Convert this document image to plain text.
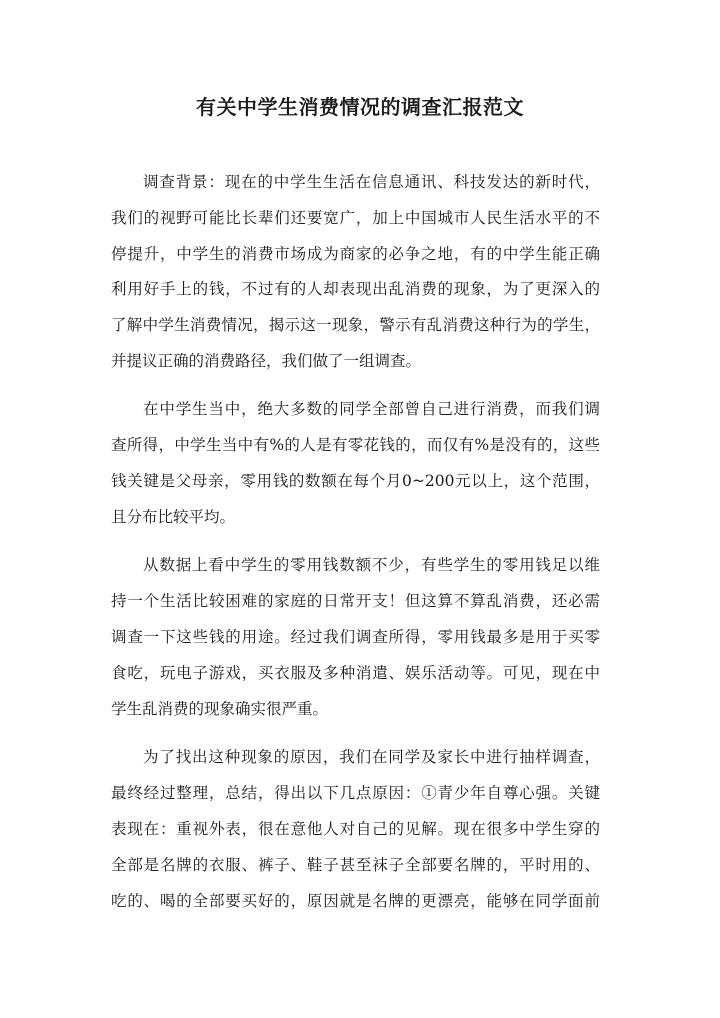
有关中学生消费情况的调查汇报范文
调查背景：现在的中学生生活在信息通讯、科技发达的新时代，
我们的视野可能比长辈们还要宽广，加上中国城市人民生活水平的不
停提升，中学生的消费市场成为商家的必争之地，有的中学生能正确
利用好手上的钱，不过有的人却表现出乱消费的现象，为了更深入的
了解中学生消费情况，揭示这一现象，警示有乱消费这种行为的学生，
并提议正确的消费路径，我们做了一组调查。
在中学生当中，绝大多数的同学全部曾自己进行消费，而我们调
查所得，中学生当中有%的人是有零花钱的，而仅有%是没有的，这些
钱关键是父母亲，零用钱的数额在每个月0~200元以上，这个范围，
且分布比较平均。
从数据上看中学生的零用钱数额不少，有些学生的零用钱足以维
持一个生活比较困难的家庭的日常开支！但这算不算乱消费，还必需
调查一下这些钱的用途。经过我们调查所得，零用钱最多是用于买零
食吃，玩电子游戏，买衣服及多种消遣、娱乐活动等。可见，现在中
学生乱消费的现象确实很严重。
为了找出这种现象的原因，我们在同学及家长中进行抽样调查，
最终经过整理，总结，得出以下几点原因：①青少年自尊心强。关键
表现在：重视外表，很在意他人对自己的见解。现在很多中学生穿的
全部是名牌的衣服、裤子、鞋子甚至袜子全部要名牌的，平时用的、
吃的、喝的全部要买好的，原因就是名牌的更漂亮，能够在同学面前
